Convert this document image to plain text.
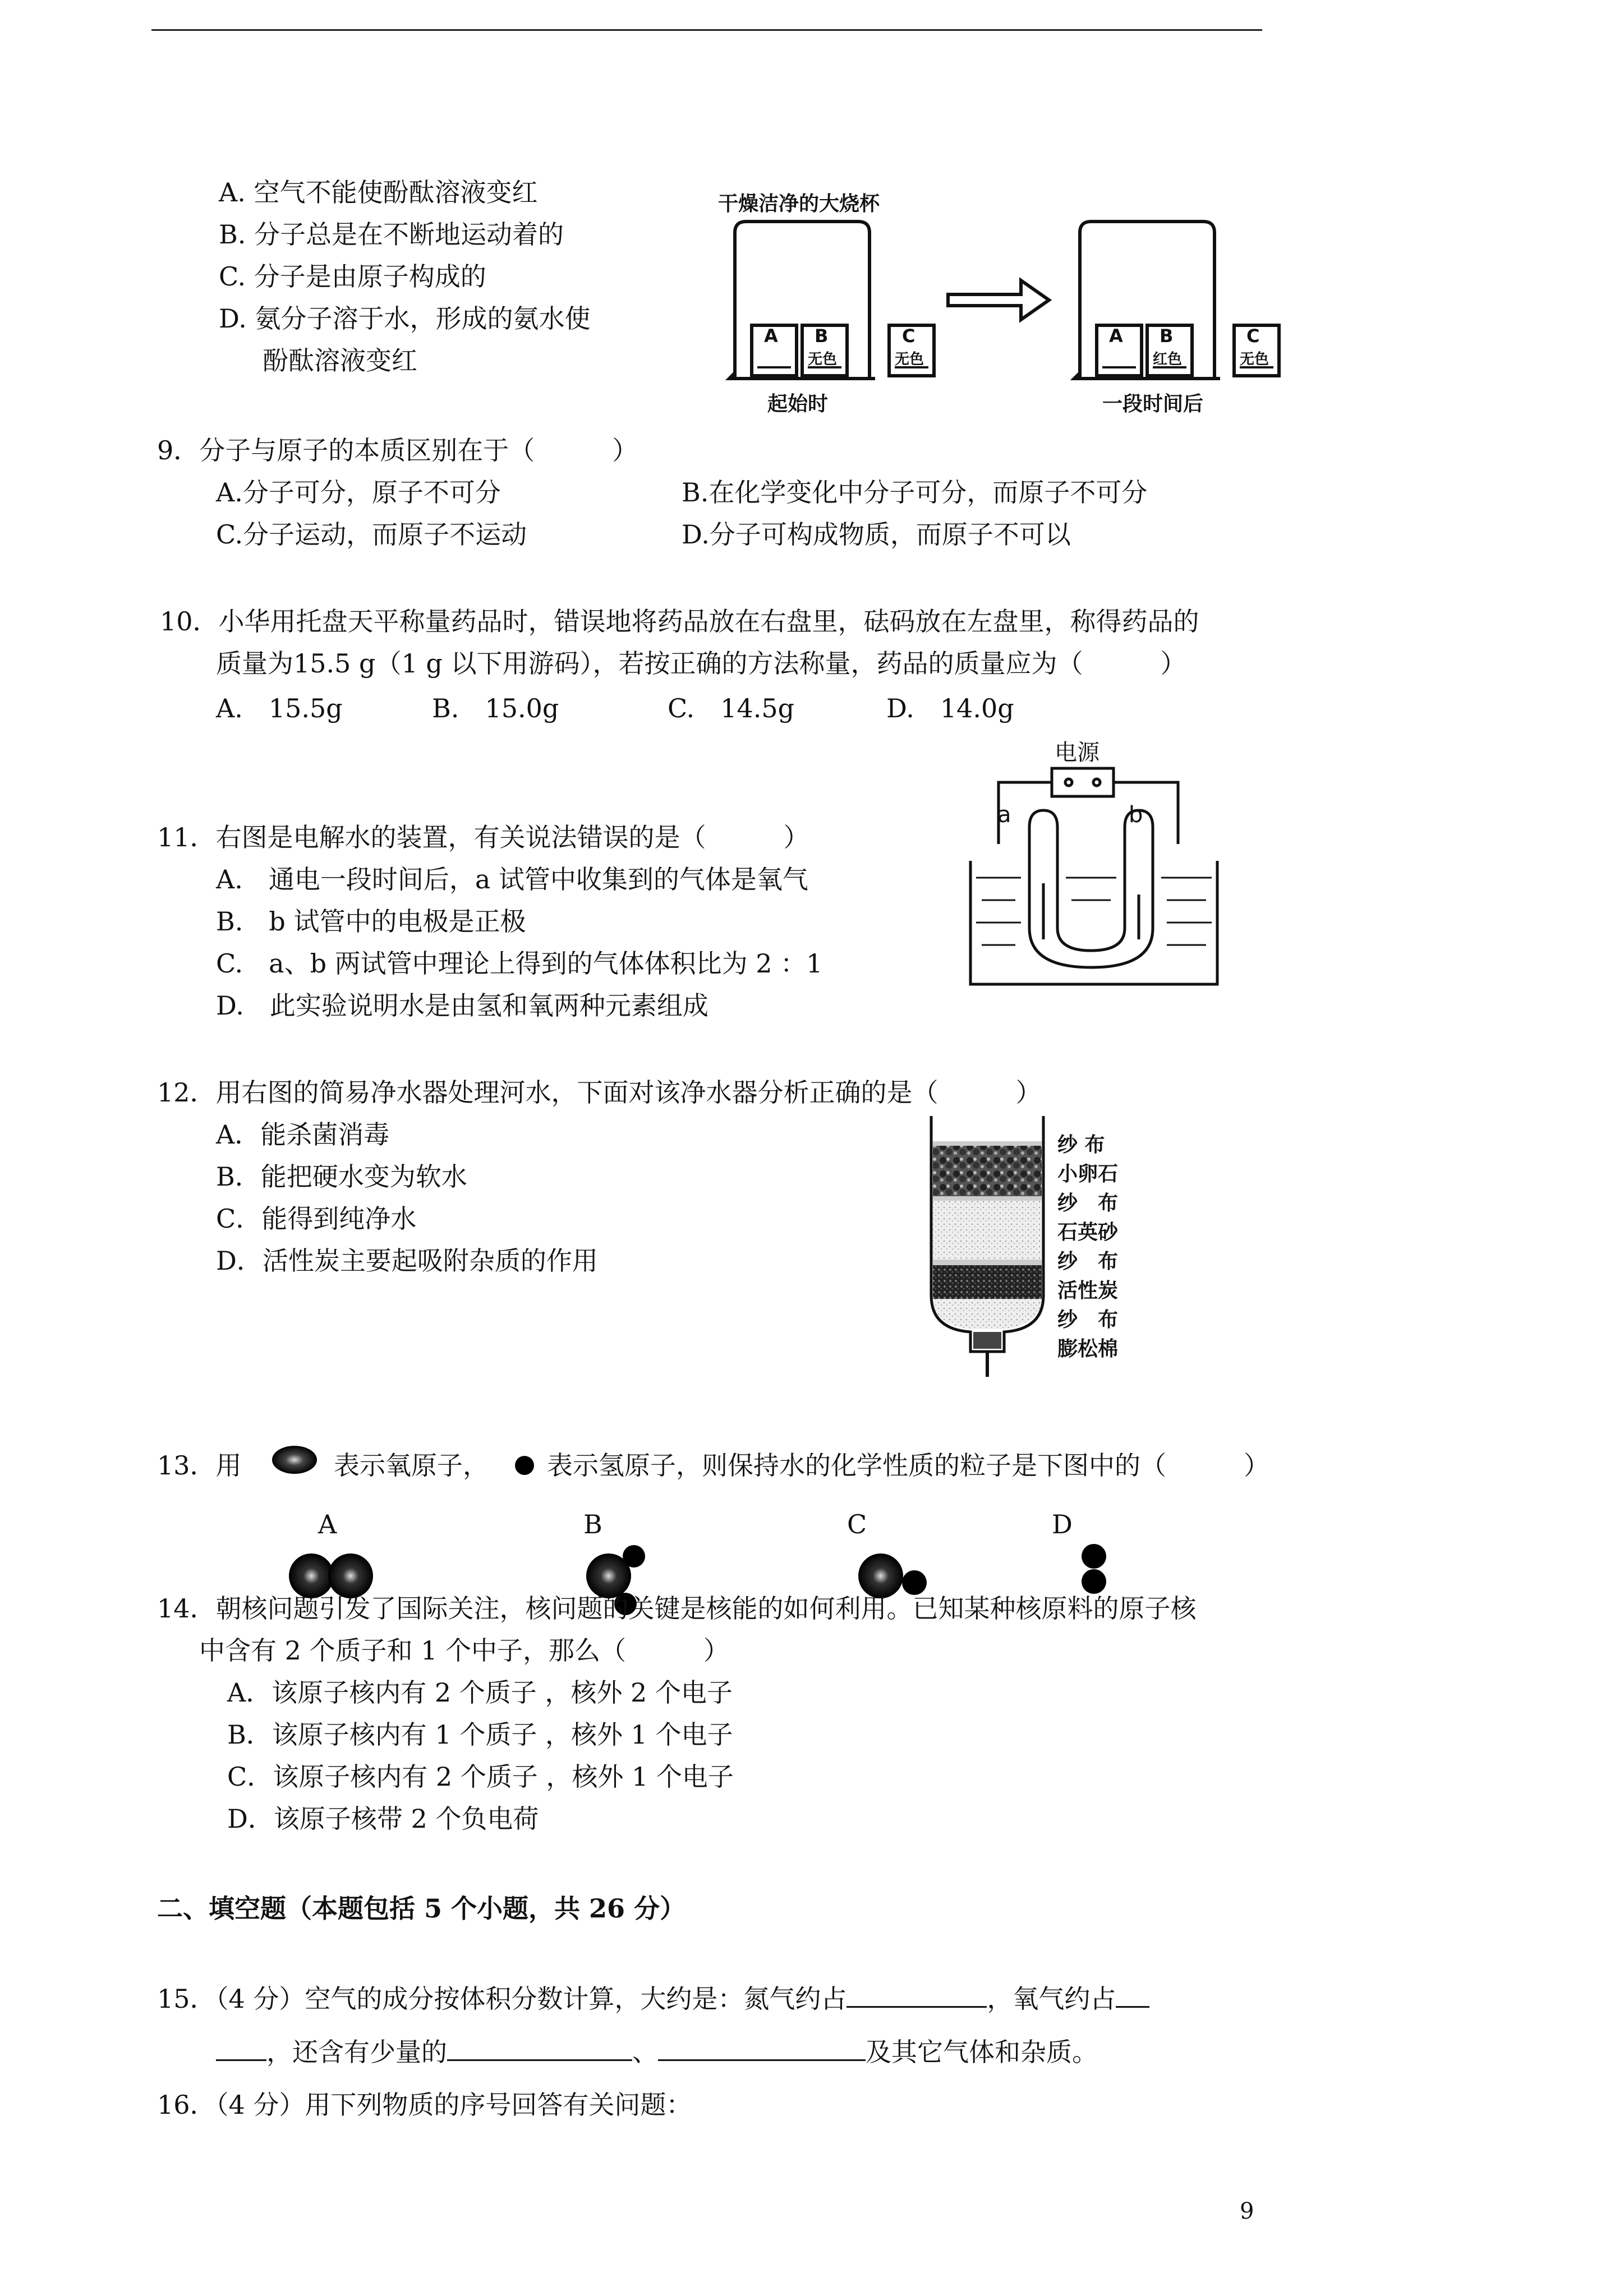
A. 空气不能使酚酞溶液变红
B. 分子总是在不断地运动着的
C. 分子是由原子构成的
D. 氨分子溶于水，形成的氨水使
酚酞溶液变红
干燥洁净的大烧杯
A B
无色
C
无色
A B
红色
C
无色
起始时	一段时间后
9．分子与原子的本质区别在于（　　　）
A.分子可分，原子不可分	B.在化学变化中分子可分，而原子不可分
C.分子运动，而原子不运动	D.分子可构成物质，而原子不可以
10．小华用托盘天平称量药品时，错误地将药品放在右盘里，砝码放在左盘里，称得药品的
质量为15.5 g（1 g 以下用游码），若按正确的方法称量，药品的质量应为（　　　）
A.　15.5g	B.　15.0g	C.　14.5g	D.　14.0g
11．右图是电解水的装置，有关说法错误的是（　　　）
A.　通电一段时间后，a 试管中收集到的气体是氧气
B.　b 试管中的电极是正极
C.　a、b 两试管中理论上得到的气体体积比为 2 ：1
D.　此实验说明水是由氢和氧两种元素组成
电源
a	b
12．用右图的简易净水器处理河水，下面对该净水器分析正确的是（　　　）
A．能杀菌消毒
B．能把硬水变为软水
C．能得到纯净水
D．活性炭主要起吸附杂质的作用
纱 布
小卵石
纱　布
石英砂
纱　布
活性炭
纱　布
膨松棉
13．用	表示氧原子， 表示氢原子，则保持水的化学性质的粒子是下图中的（　　　）
A	B	C	D
14．朝核问题引发了国际关注，核问题的关键是核能的如何利用。已知某种核原料的原子核
中含有 2 个质子和 1 个中子，那么（　　　）
A．该原子核内有 2 个质子 ，核外 2 个电子
B．该原子核内有 1 个质子 ，核外 1 个电子
C．该原子核内有 2 个质子 ，核外 1 个电子
D．该原子核带 2 个负电荷
二、填空题（本题包括 5 个小题，共 26 分）
15．（4 分）空气的成分按体积分数计算，大约是：氮气约占	，氧气约占
，还含有少量的	、	及其它气体和杂质。
16．（4 分）用下列物质的序号回答有关问题：
9
